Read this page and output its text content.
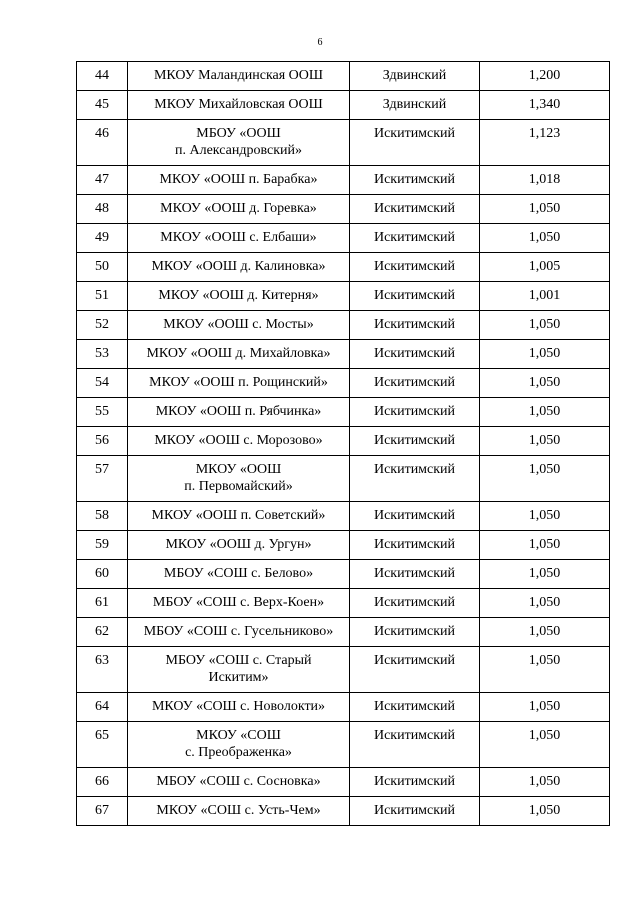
6
44	МКОУ Маландинская ООШ	Здвинский	1,200
45	МКОУ Михайловская ООШ	Здвинский	1,340
46	МБОУ «ООШ
п. Александровский»	Искитимский	1,123
47	МКОУ «ООШ п. Барабка»	Искитимский	1,018
48	МКОУ «ООШ д. Горевка»	Искитимский	1,050
49	МКОУ «ООШ с. Елбаши»	Искитимский	1,050
50	МКОУ «ООШ д. Калиновка»	Искитимский	1,005
51	МКОУ «ООШ д. Китерня»	Искитимский	1,001
52	МКОУ «ООШ с. Мосты»	Искитимский	1,050
53	МКОУ «ООШ д. Михайловка»	Искитимский	1,050
54	МКОУ «ООШ п. Рощинский»	Искитимский	1,050
55	МКОУ «ООШ п. Рябчинка»	Искитимский	1,050
56	МКОУ «ООШ с. Морозово»	Искитимский	1,050
57	МКОУ «ООШ
п. Первомайский»	Искитимский	1,050
58	МКОУ «ООШ п. Советский»	Искитимский	1,050
59	МКОУ «ООШ д. Ургун»	Искитимский	1,050
60	МБОУ «СОШ с. Белово»	Искитимский	1,050
61	МБОУ «СОШ с. Верх-Коен»	Искитимский	1,050
62	МБОУ «СОШ с. Гусельниково»	Искитимский	1,050
63	МБОУ «СОШ с. Старый
Искитим»	Искитимский	1,050
64	МКОУ «СОШ с. Новолокти»	Искитимский	1,050
65	МКОУ «СОШ
с. Преображенка»	Искитимский	1,050
66	МБОУ «СОШ с. Сосновка»	Искитимский	1,050
67	МКОУ «СОШ с. Усть-Чем»	Искитимский	1,050
